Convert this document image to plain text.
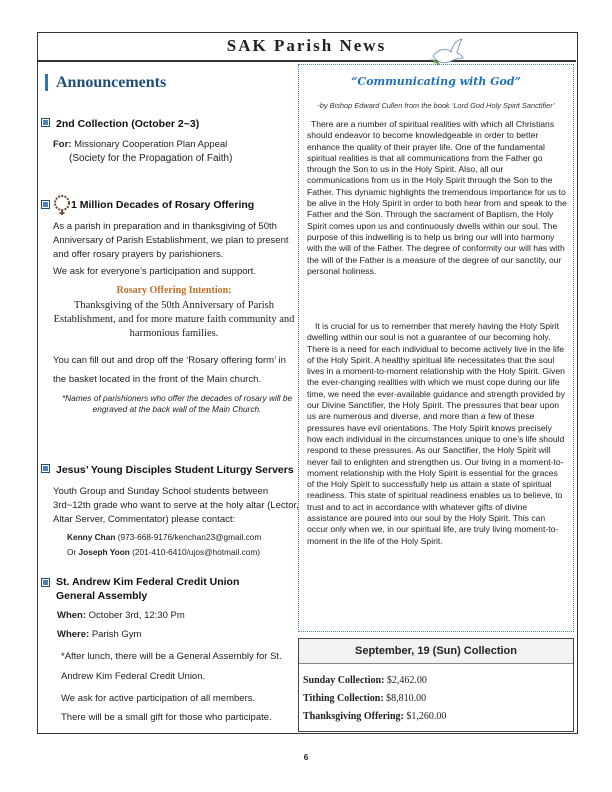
SAK Parish News
Announcements
2nd Collection (October 2~3)
For: Missionary Cooperation Plan Appeal
(Society for the Propagation of Faith)
1 Million Decades of Rosary Offering
As a parish in preparation and in thanksgiving of 50th Anniversary of Parish Establishment, we plan to present and offer rosary prayers by parishioners.
We ask for everyone’s participation and support.
Rosary Offering Intention:
Thanksgiving of the 50th Anniversary of Parish Establishment, and for more mature faith community and harmonious families.
You can fill out and drop off the ‘Rosary offering form’ in the basket located in the front of the Main church.
*Names of parishioners who offer the decades of rosary will be engraved at the back wall of the Main Church.
Jesus’ Young Disciples Student Liturgy Servers
Youth Group and Sunday School students between 3rd~12th grade who want to serve at the holy altar (Lector, Altar Server, Commentator) please contact:
Kenny Chan (973-668-9176/kenchan23@gmail.com
Or Joseph Yoon (201-410-6410/ujos@hotmail.com)
St. Andrew Kim Federal Credit Union General Assembly
When: October 3rd, 12:30 Pm
Where: Parish Gym
*After lunch, there will be a General Assembly for St. Andrew Kim Federal Credit Union.
We ask for active participation of all members.
There will be a small gift for those who participate.
“Communicating with God”
-by Bishop Edward Cullen from the book ‘Lord God Holy Spirit Sanctifier’
There are a number of spiritual realities with which all Christians should endeavor to become knowledgeable in order to better enhance the quality of their prayer life. One of the fundamental spiritual realities is that all communications from the Father go through the Son to us in the Holy Spirit. Also, all our communications from us in the Holy Spirit through the Son to the Father. This dynamic highlights the tremendous importance for us to be alive in the Holy Spirit in order to both hear from and speak to the Father and the Son. Through the sacrament of Baptism, the Holy Spirit comes upon us and continuously dwells within our soul. The purpose of this indwelling is to help us bring our will into harmony with the will of the Father. The degree of conformity our will has with the will of the Father is a measure of the degree of our sanctity, our personal holiness.
It is crucial for us to remember that merely having the Holy Spirit dwelling within our soul is not a guarantee of our becoming holy. There is a need for each individual to become actively live in the life of the Holy Spirit. A healthy spiritual life necessitates that the soul lives in a moment-to-moment relationship with the Holy Spirit. Given the ever-changing realities with which we must cope during our life time, we need the ever-available guidance and strength provided by our Divine Sanctifier, the Holy Spirit. The pressures that bear upon us are numerous and diverse, and more than a few of these pressures have evil orientations. The Holy Spirit knows precisely how each individual in the circumstances unique to one’s life should respond to these pressures. As our Sanctifier, the Holy Spirit will never fail to enlighten and strengthen us. Our living in a moment-to-moment relationship with the Holy Spirit is essential for the graces of the Holy Spirit to successfully help us attain a state of spiritual readiness. This state of spiritual readiness enables us to believe, to trust and to act in accordance with whatever gifts of divine assistance are poured into our soul by the Holy Spirit. This can occur only when we, in our spiritual life, are truly living moment-to-moment in the life of the Holy Spirit.
September, 19 (Sun) Collection
Sunday Collection: $2,462.00
Tithing Collection: $8,810.00
Thanksgiving Offering: $1,260.00
6
